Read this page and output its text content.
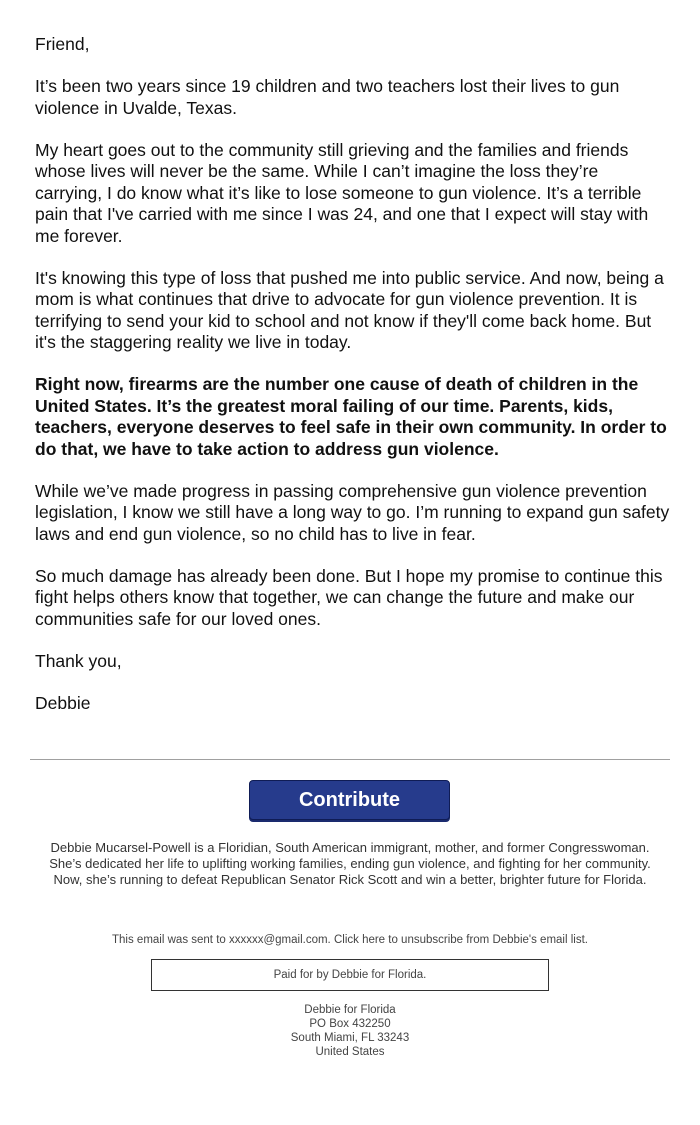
Friend,

It’s been two years since 19 children and two teachers lost their lives to gun violence in Uvalde, Texas.

My heart goes out to the community still grieving and the families and friends whose lives will never be the same. While I can’t imagine the loss they’re carrying, I do know what it’s like to lose someone to gun violence. It’s a terrible pain that I've carried with me since I was 24, and one that I expect will stay with me forever.

It's knowing this type of loss that pushed me into public service. And now, being a mom is what continues that drive to advocate for gun violence prevention. It is terrifying to send your kid to school and not know if they'll come back home. But it's the staggering reality we live in today.

Right now, firearms are the number one cause of death of children in the United States. It’s the greatest moral failing of our time. Parents, kids, teachers, everyone deserves to feel safe in their own community. In order to do that, we have to take action to address gun violence.

While we’ve made progress in passing comprehensive gun violence prevention legislation, I know we still have a long way to go. I’m running to expand gun safety laws and end gun violence, so no child has to live in fear.

So much damage has already been done. But I hope my promise to continue this fight helps others know that together, we can change the future and make our communities safe for our loved ones.

Thank you,

Debbie

Contribute

Debbie Mucarsel-Powell is a Floridian, South American immigrant, mother, and former Congresswoman. She’s dedicated her life to uplifting working families, ending gun violence, and fighting for her community. Now, she’s running to defeat Republican Senator Rick Scott and win a better, brighter future for Florida.

This email was sent to xxxxxx@gmail.com. Click here to unsubscribe from Debbie's email list.

Paid for by Debbie for Florida.
Debbie for Florida
PO Box 432250
South Miami, FL 33243
United States
